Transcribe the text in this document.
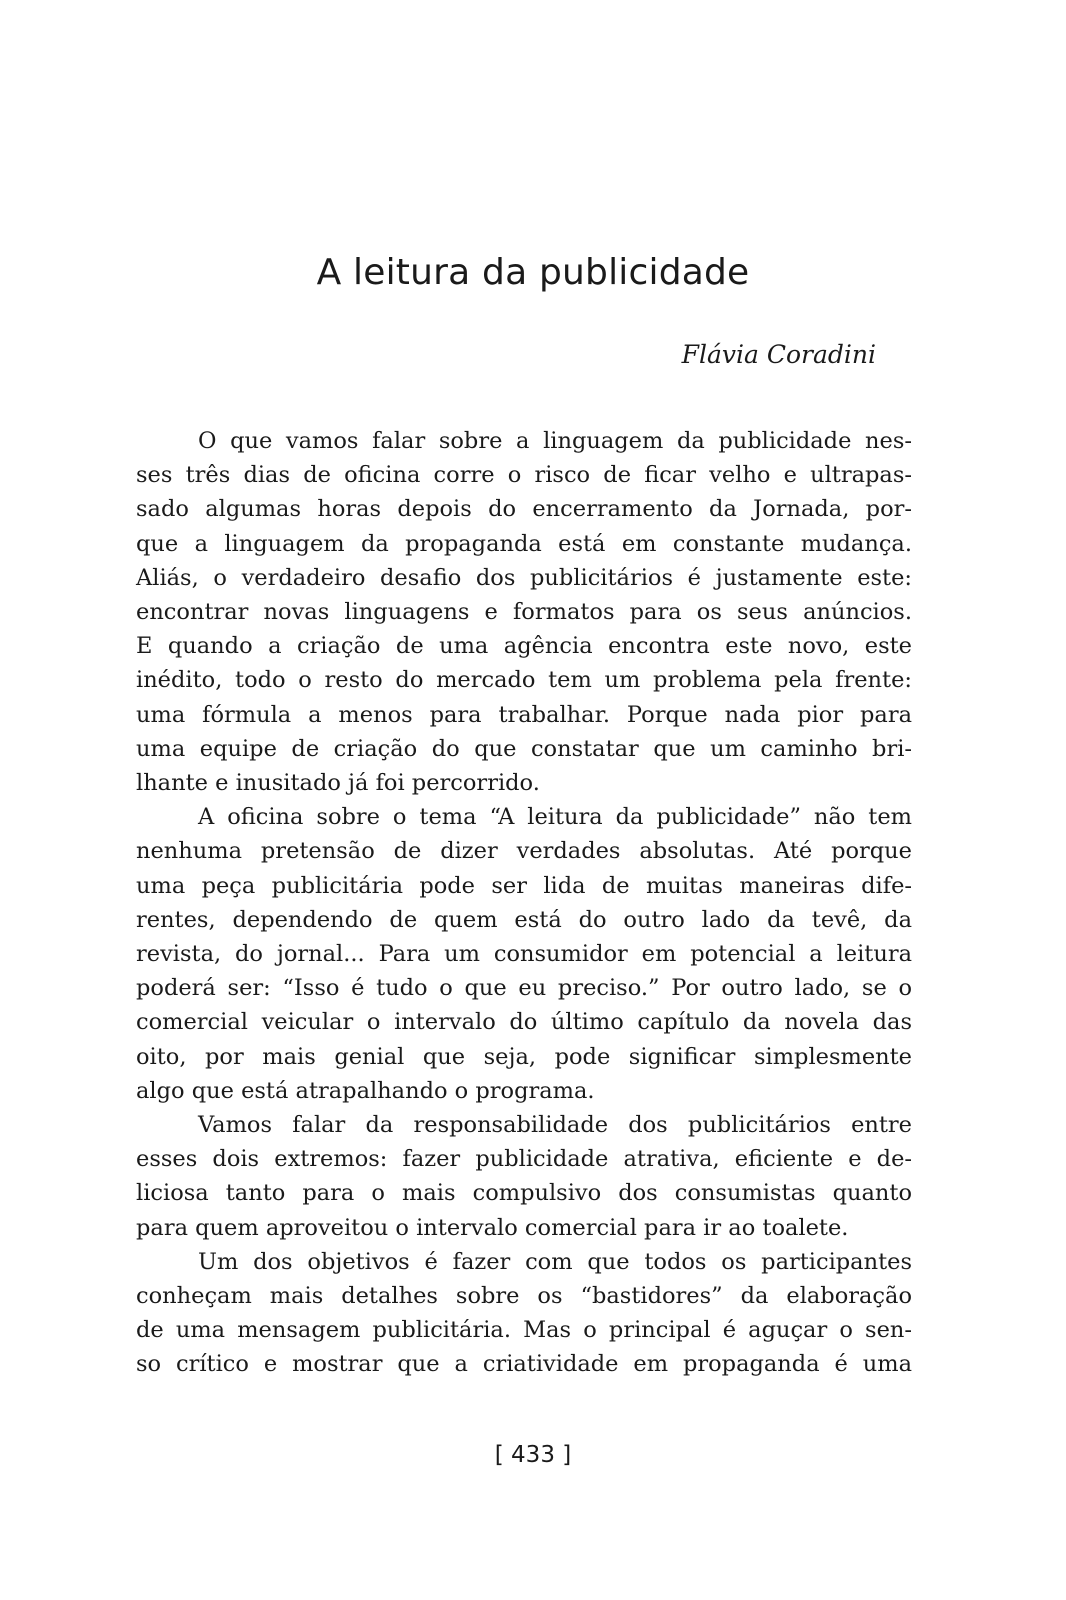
A leitura da publicidade

Flávia Coradini

O que vamos falar sobre a linguagem da publicidade nes-
ses três dias de oficina corre o risco de ficar velho e ultrapas-
sado algumas horas depois do encerramento da Jornada, por-
que a linguagem da propaganda está em constante mudança.
Aliás, o verdadeiro desafio dos publicitários é justamente este:
encontrar novas linguagens e formatos para os seus anúncios.
E quando a criação de uma agência encontra este novo, este
inédito, todo o resto do mercado tem um problema pela frente:
uma fórmula a menos para trabalhar. Porque nada pior para
uma equipe de criação do que constatar que um caminho bri-
lhante e inusitado já foi percorrido.
A oficina sobre o tema “A leitura da publicidade” não tem
nenhuma pretensão de dizer verdades absolutas. Até porque
uma peça publicitária pode ser lida de muitas maneiras dife-
rentes, dependendo de quem está do outro lado da tevê, da
revista, do jornal... Para um consumidor em potencial a leitura
poderá ser: “Isso é tudo o que eu preciso.” Por outro lado, se o
comercial veicular o intervalo do último capítulo da novela das
oito, por mais genial que seja, pode significar simplesmente
algo que está atrapalhando o programa.
Vamos falar da responsabilidade dos publicitários entre
esses dois extremos: fazer publicidade atrativa, eficiente e de-
liciosa tanto para o mais compulsivo dos consumistas quanto
para quem aproveitou o intervalo comercial para ir ao toalete.
Um dos objetivos é fazer com que todos os participantes
conheçam mais detalhes sobre os “bastidores” da elaboração
de uma mensagem publicitária. Mas o principal é aguçar o sen-
so crítico e mostrar que a criatividade em propaganda é uma

[ 433 ]
